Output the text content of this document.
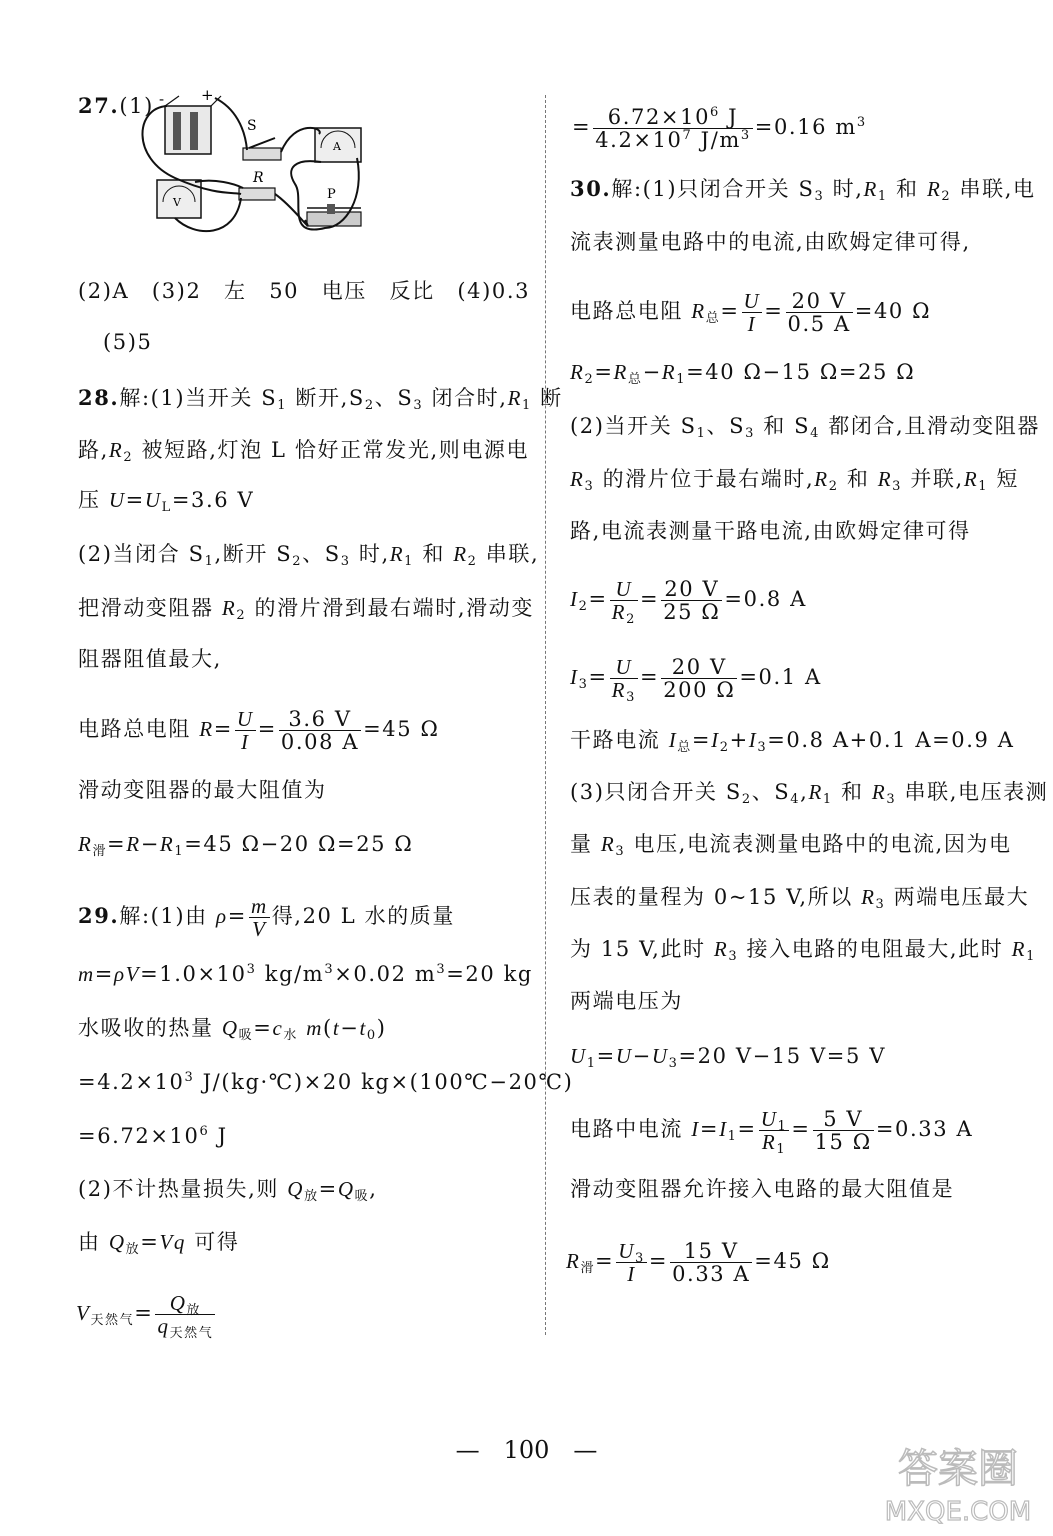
27.(1) - +
S
A
V
R
P
(2)A　(3)2　左　50　电压　反比　(4)0.3
(5)5
28.解:(1)当开关 $S_1$ 断开$,S_2$、$S_3$ 闭合时$,R_1$ 断
路$,R_2$ 被短路,灯泡 L 恰好正常发光,则电源电
压 $U=U_L=3.6$ V
(2)当闭合 $S_1$,断开 $S_2$、$S_3$ 时$,R_1$ 和 $R_2$ 串联,
把滑动变阻器 $R_2$ 的滑片滑到最右端时,滑动变
阻器阻值最大,
电路总电阻 $R= \frac{U}{I} = \frac{3.6 V}{0.08 A} =45$ Ω
滑动变阻器的最大阻值为
$R_滑=R-R_1=45$ Ω−20 Ω=25 Ω
29.解:(1)由 $\rho= \frac{m}{V}$ 得,20 L 水的质量
$m=\rho V=1.0\times 10^3$ $kg/m^3\times 0.02$ $m^3=20$ kg
水吸收的热量 $Q_吸=c_水$ $m(t-t_0)$
$=4.2\times 10^3$ J/(kg·℃)×20 kg×(100℃−20℃)
$=6.72\times 10^6$ J
(2)不计热量损失,则 $Q_放=Q_吸$,
由 $Q_放=Vq$ 可得
$V_{天然气}= \frac{Q_放}{q_{天然气}}$
= $\frac{6.72\times 10^6 J}{4.2\times 10^7 J/m^3} =0.16$ $m^3$
30.解:(1)只闭合开关 $S_3$ 时$,R_1$ 和 $R_2$ 串联,电
流表测量电路中的电流,由欧姆定律可得,
电路总电阻 $R_总= \frac{U}{I} = \frac{20 V}{0.5 A} =40$ Ω
$R_2=R_总-R_1=40$ Ω−15 Ω=25 Ω
(2)当开关 $S_1$、$S_3$ 和 $S_4$ 都闭合,且滑动变阻器
$R_3$ 的滑片位于最右端时$,R_2$ 和 $R_3$ 并联$,R_1$ 短
路,电流表测量干路电流,由欧姆定律可得
$I_2= \frac{U}{R_2} = \frac{20 V}{25 \Omega} =0.8$ A
$I_3= \frac{U}{R_3} = \frac{20 V}{200 \Omega} =0.1$ A
干路电流 $I_总=I_2+I_3=0.8$ A+0.1 A=0.9 A
(3)只闭合开关 $S_2$、$S_4,R_1$ 和 $R_3$ 串联,电压表测
量 $R_3$ 电压,电流表测量电路中的电流,因为电
压表的量程为 0~15 V,所以 $R_3$ 两端电压最大
为 15 V,此时 $R_3$ 接入电路的电阻最大,此时 $R_1$
两端电压为
$U_1=U-U_3=20$ V−15 V=5 V
电路中电流 $I=I_1= \frac{U_1}{R_1} = \frac{5 V}{15 \Omega} =0.33$ A
滑动变阻器允许接入电路的最大阻值是
$R_滑= \frac{U_3}{I} = \frac{15 V}{0.33 A} =45$ Ω
—　100　—	答案圈
MXQE.COM
